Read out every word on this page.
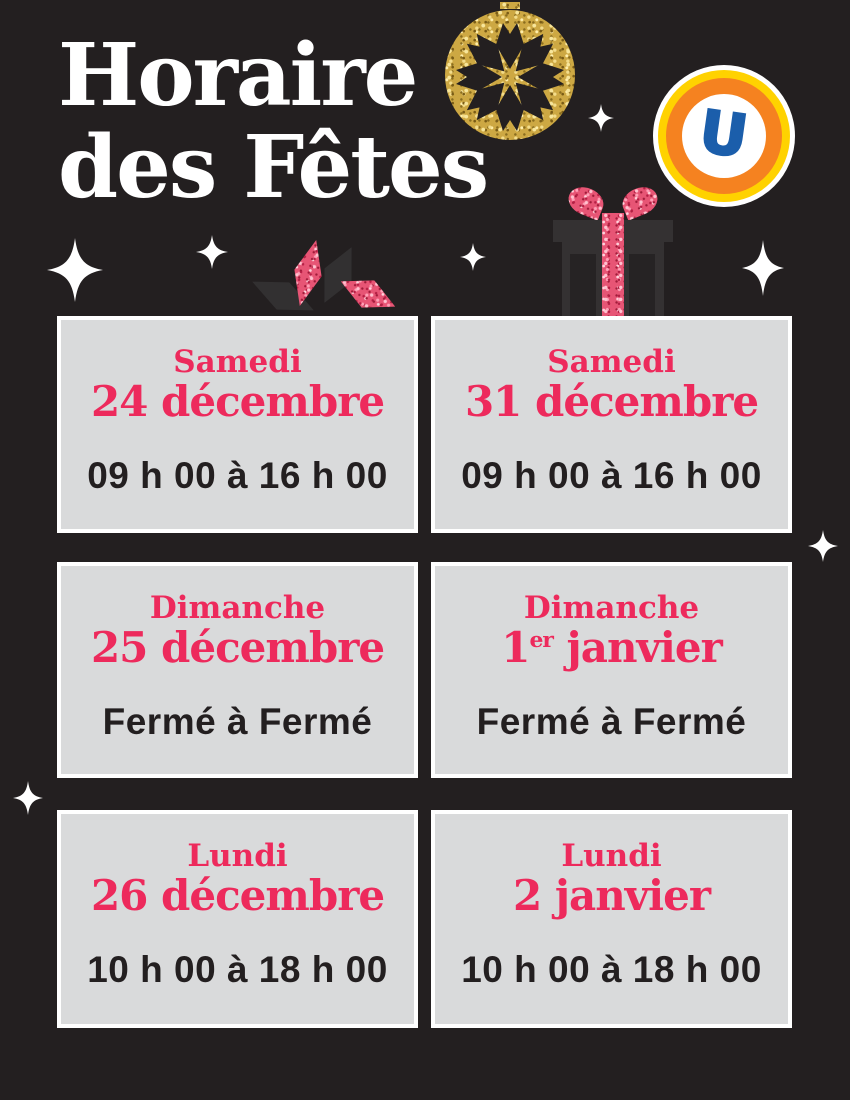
U
Horaire
des Fêtes
Samedi
24 décembre
09 h 00 à 16 h 00
Samedi
31 décembre
09 h 00 à 16 h 00
Dimanche
25 décembre
Fermé à Fermé
Dimanche
1er janvier
Fermé à Fermé
Lundi
26 décembre
10 h 00 à 18 h 00
Lundi
2 janvier
10 h 00 à 18 h 00
